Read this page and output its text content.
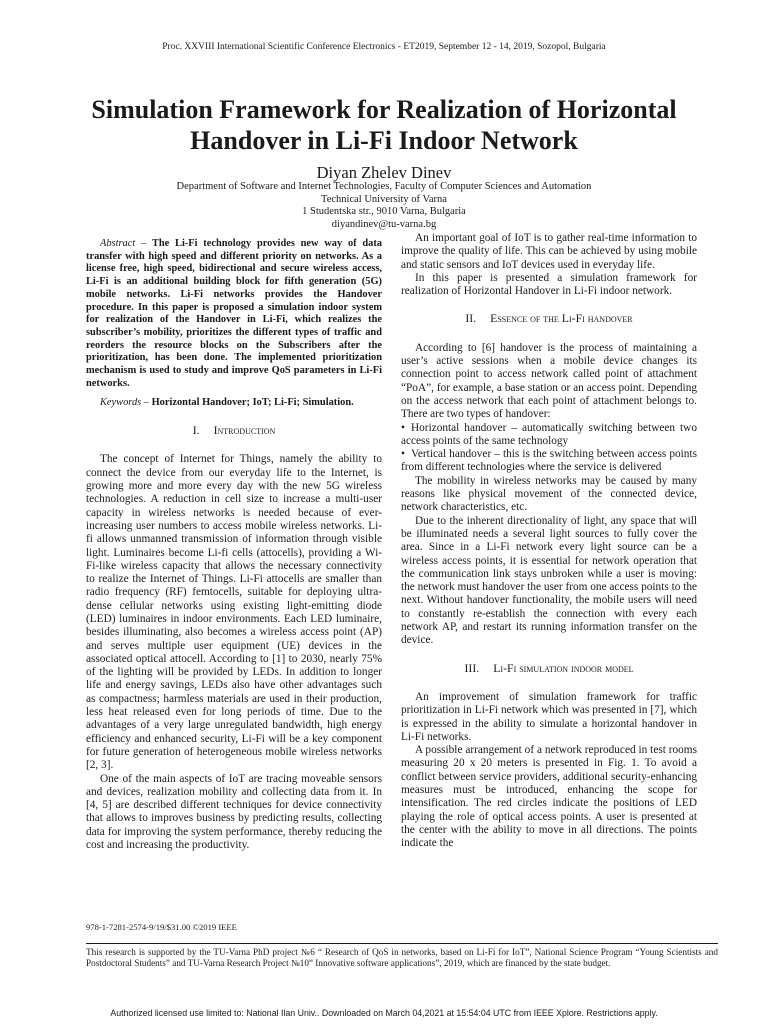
Proc. XXVIII International Scientific Conference Electronics - ET2019, September 12 - 14, 2019, Sozopol, Bulgaria
Simulation Framework for Realization of Horizontal
Handover in Li-Fi Indoor Network
Diyan Zhelev Dinev
Department of Software and Internet Technologies, Faculty of Computer Sciences and Automation
Technical University of Varna
1 Studentska str., 9010 Varna, Bulgaria
diyandinev@tu-varna.bg

Abstract – The Li-Fi technology provides new way of data transfer with high speed and different priority on networks. As a license free, high speed, bidirectional and secure wireless access, Li-Fi is an additional building block for fifth generation (5G) mobile networks. Li-Fi networks provides the Handover procedure. In this paper is proposed a simulation indoor system for realization of the Handover in Li-Fi, which realizes the subscriber’s mobility, prioritizes the different types of traffic and reorders the resource blocks on the Subscribers after the prioritization, has been done. The implemented prioritization mechanism is used to study and improve QoS parameters in Li-Fi networks.

Keywords – Horizontal Handover; IoT; Li-Fi; Simulation.

I. Introduction

The concept of Internet for Things, namely the ability to connect the device from our everyday life to the Internet, is growing more and more every day with the new 5G wireless technologies. A reduction in cell size to increase a multi-user capacity in wireless networks is needed because of ever-increasing user numbers to access mobile wireless networks. Li-fi allows unmanned transmission of information through visible light. Luminaires become Li-fi cells (attocells), providing a Wi-Fi-like wireless capacity that allows the necessary connectivity to realize the Internet of Things. Li-Fi attocells are smaller than radio frequency (RF) femtocells, suitable for deploying ultra-dense cellular networks using existing light-emitting diode (LED) luminaires in indoor environments. Each LED luminaire, besides illuminating, also becomes a wireless access point (AP) and serves multiple user equipment (UE) devices in the associated optical attocell. According to [1] to 2030, nearly 75% of the lighting will be provided by LEDs. In addition to longer life and energy savings, LEDs also have other advantages such as compactness; harmless materials are used in their production, less heat released even for long periods of time. Due to the advantages of a very large unregulated bandwidth, high energy efficiency and enhanced security, Li-Fi will be a key component for future generation of heterogeneous mobile wireless networks [2, 3].

One of the main aspects of IoT are tracing moveable sensors and devices, realization mobility and collecting data from it. In [4, 5] are described different techniques for device connectivity that allows to improves business by predicting results, collecting data for improving the system performance, thereby reducing the cost and increasing the productivity.

An important goal of IoT is to gather real-time information to improve the quality of life. This can be achieved by using mobile and static sensors and IoT devices used in everyday life.

In this paper is presented a simulation framework for realization of Horizontal Handover in Li-Fi indoor network.

II. Essence of the Li-Fi handover

According to [6] handover is the process of maintaining a user’s active sessions when a mobile device changes its connection point to access network called point of attachment “PoA”, for example, a base station or an access point. Depending on the access network that each point of attachment belongs to. There are two types of handover:

• Horizontal handover – automatically switching between two access points of the same technology

• Vertical handover – this is the switching between access points from different technologies where the service is delivered

The mobility in wireless networks may be caused by many reasons like physical movement of the connected device, network characteristics, etc.

Due to the inherent directionality of light, any space that will be illuminated needs a several light sources to fully cover the area. Since in a Li-Fi network every light source can be a wireless access points, it is essential for network operation that the communication link stays unbroken while a user is moving: the network must handover the user from one access points to the next. Without handover functionality, the mobile users will need to constantly re-establish the connection with every each network AP, and restart its running information transfer on the device.

III. Li-Fi simulation indoor model

An improvement of simulation framework for traffic prioritization in Li-Fi network which was presented in [7], which is expressed in the ability to simulate a horizontal handover in Li-Fi networks.

A possible arrangement of a network reproduced in test rooms measuring 20 x 20 meters is presented in Fig. 1. To avoid a conflict between service providers, additional security-enhancing measures must be introduced, enhancing the scope for intensification. The red circles indicate the positions of LED playing the role of optical access points. A user is presented at the center with the ability to move in all directions. The points indicate the

978-1-7281-2574-9/19/$31.00 ©2019 IEEE
This research is supported by the TU-Varna PhD project №6 “ Research of QoS in networks, based on Li-Fi for IoT”, National Science Program “Young Scientists and Postdoctoral Students” and TU-Varna Research Project №10” Innovative software applications”, 2019, which are financed by the state budget.
Authorized licensed use limited to: National Ilan Univ.. Downloaded on March 04,2021 at 15:54:04 UTC from IEEE Xplore. Restrictions apply.
